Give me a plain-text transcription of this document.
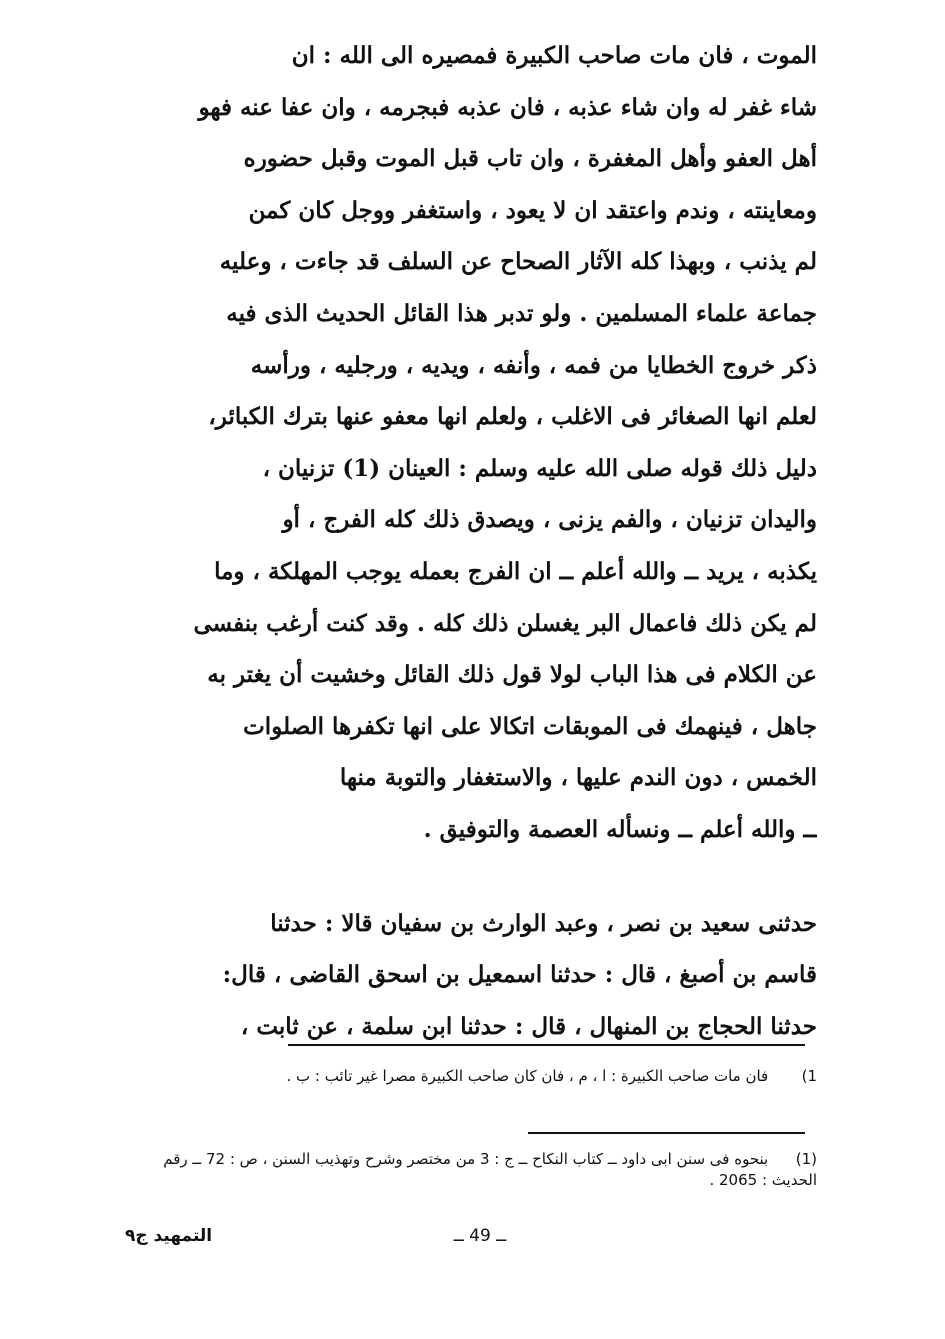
الموت ، فان مات صاحب الكبيرة فمصيره الى الله : ان
شاء غفر له وان شاء عذبه ، فان عذبه فبجرمه ، وان عفا عنه فهو
أهل العفو وأهل المغفرة ، وان تاب قبل الموت وقبل حضوره
ومعاينته ، وندم واعتقد ان لا يعود ، واستغفر ووجل كان كمن
لم يذنب ، وبهذا كله الآثار الصحاح عن السلف قد جاءت ، وعليه
جماعة علماء المسلمين . ولو تدبر هذا القائل الحديث الذى فيه
ذكر خروج الخطايا من فمه ، وأنفه ، ويديه ، ورجليه ، ورأسه
لعلم انها الصغائر فى الاغلب ، ولعلم انها معفو عنها بترك الكبائر،
دليل ذلك قوله صلى الله عليه وسلم : العينان (1) تزنيان ،
واليدان تزنيان ، والفم يزنى ، ويصدق ذلك كله الفرج ، أو
يكذبه ، يريد ــ والله أعلم ــ ان الفرج بعمله يوجب المهلكة ، وما
لم يكن ذلك فاعمال البر يغسلن ذلك كله . وقد كنت أرغب بنفسى
عن الكلام فى هذا الباب لولا قول ذلك القائل وخشيت أن يغتر به
جاهل ، فينهمك فى الموبقات اتكالا على انها تكفرها الصلوات
الخمس ، دون الندم عليها ، والاستغفار والتوبة منها
ــ والله أعلم ــ ونسأله العصمة والتوفيق .
حدثنى سعيد بن نصر ، وعبد الوارث بن سفيان قالا : حدثنا
قاسم بن أصبغ ، قال : حدثنا اسمعيل بن اسحق القاضى ، قال:
حدثنا الحجاج بن المنهال ، قال : حدثنا ابن سلمة ، عن ثابت ،
1) فان مات صاحب الكبيرة : ا ، م ، فان كان صاحب الكبيرة مصرا غير تائب : ب .
(1) بنحوه فى سنن ابى داود ــ كتاب النكاح ــ ج : 3 من مختصر وشرح وتهذيب السنن ، ص : 72 ــ رقم الحديث : 2065 .
التمهيد ج٩	ــ 49 ــ
